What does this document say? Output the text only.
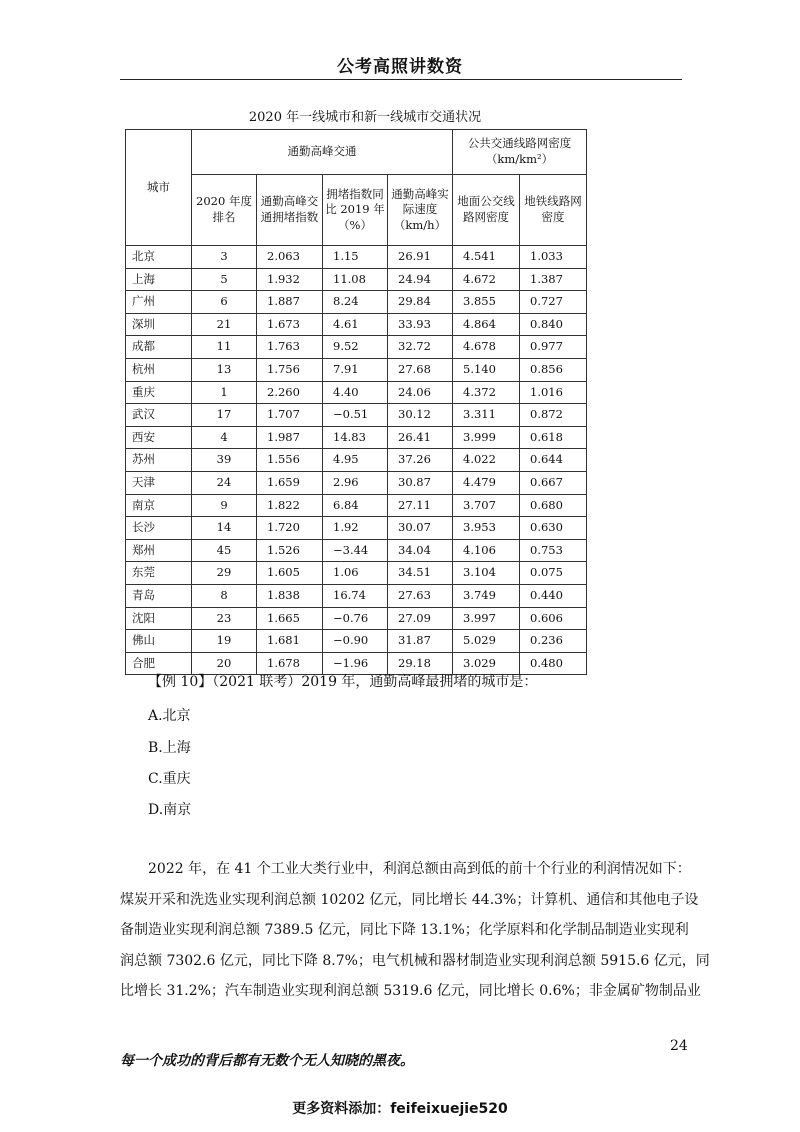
公考高照讲数资
2020 年一线城市和新一线城市交通状况
城市	通勤高峰交通				公共交通线路网密度（km/km²）	
	2020 年度排名	通勤高峰交通拥堵指数	拥堵指数同比 2019 年（%）	通勤高峰实际速度（km/h）	地面公交线路网密度	地铁线路网密度
北京	3	2.063	1.15	26.91	4.541	1.033
上海	5	1.932	11.08	24.94	4.672	1.387
广州	6	1.887	8.24	29.84	3.855	0.727
深圳	21	1.673	4.61	33.93	4.864	0.840
成都	11	1.763	9.52	32.72	4.678	0.977
杭州	13	1.756	7.91	27.68	5.140	0.856
重庆	1	2.260	4.40	24.06	4.372	1.016
武汉	17	1.707	−0.51	30.12	3.311	0.872
西安	4	1.987	14.83	26.41	3.999	0.618
苏州	39	1.556	4.95	37.26	4.022	0.644
天津	24	1.659	2.96	30.87	4.479	0.667
南京	9	1.822	6.84	27.11	3.707	0.680
长沙	14	1.720	1.92	30.07	3.953	0.630
郑州	45	1.526	−3.44	34.04	4.106	0.753
东莞	29	1.605	1.06	34.51	3.104	0.075
青岛	8	1.838	16.74	27.63	3.749	0.440
沈阳	23	1.665	−0.76	27.09	3.997	0.606
佛山	19	1.681	−0.90	31.87	5.029	0.236
合肥	20	1.678	−1.96	29.18	3.029	0.480
【例 10】（2021 联考）2019 年，通勤高峰最拥堵的城市是：
A.北京
B.上海
C.重庆
D.南京
2022 年，在 41 个工业大类行业中，利润总额由高到低的前十个行业的利润情况如下：
煤炭开采和洗选业实现利润总额 10202 亿元，同比增长 44.3%；计算机、通信和其他电子设
备制造业实现利润总额 7389.5 亿元，同比下降 13.1%；化学原料和化学制品制造业实现利
润总额 7302.6 亿元，同比下降 8.7%；电气机械和器材制造业实现利润总额 5915.6 亿元，同
比增长 31.2%；汽车制造业实现利润总额 5319.6 亿元，同比增长 0.6%；非金属矿物制品业
24
每一个成功的背后都有无数个无人知晓的黑夜。
更多资料添加：feifeixuejie520
